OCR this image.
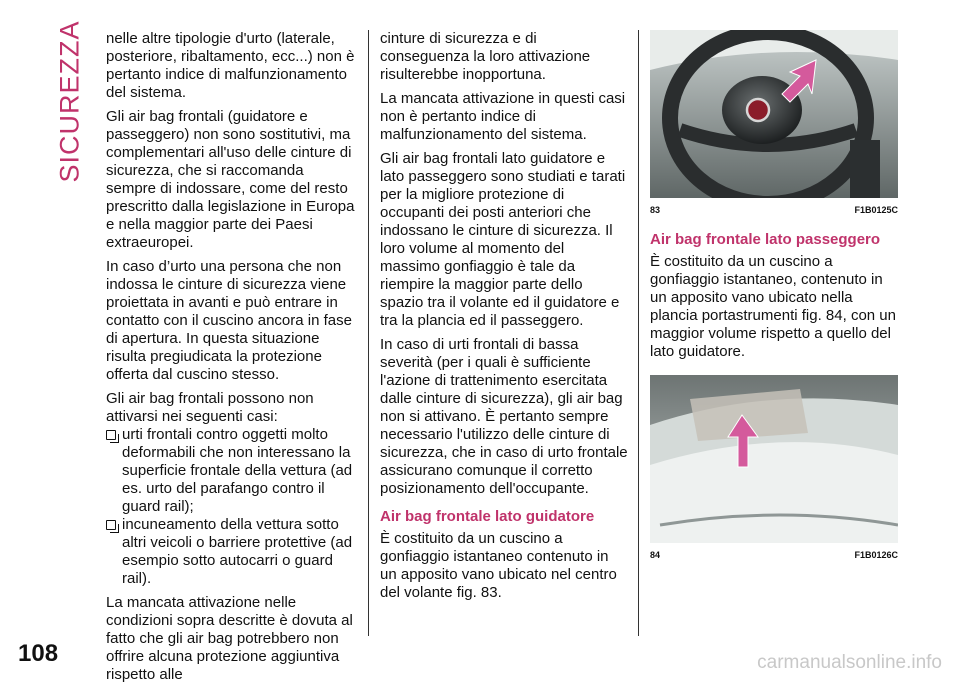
SICUREZZA
108

nelle altre tipologie d'urto (laterale, posteriore, ribaltamento, ecc...) non è pertanto indice di malfunzionamento del sistema.

Gli air bag frontali (guidatore e passeggero) non sono sostitutivi, ma complementari all'uso delle cinture di sicurezza, che si raccomanda sempre di indossare, come del resto prescritto dalla legislazione in Europa e nella maggior parte dei Paesi extraeuropei.

In caso d’urto una persona che non indossa le cinture di sicurezza viene proiettata in avanti e può entrare in contatto con il cuscino ancora in fase di apertura. In questa situazione risulta pregiudicata la protezione offerta dal cuscino stesso.

Gli air bag frontali possono non attivarsi nei seguenti casi:

urti frontali contro oggetti molto deformabili che non interessano la superficie frontale della vettura (ad es. urto del parafango contro il guard rail);
incuneamento della vettura sotto altri veicoli o barriere protettive (ad esempio sotto autocarri o guard rail).

La mancata attivazione nelle condizioni sopra descritte è dovuta al fatto che gli air bag potrebbero non offrire alcuna protezione aggiuntiva rispetto alle

cinture di sicurezza e di conseguenza la loro attivazione risulterebbe inopportuna.

La mancata attivazione in questi casi non è pertanto indice di malfunzionamento del sistema.

Gli air bag frontali lato guidatore e lato passeggero sono studiati e tarati per la migliore protezione di occupanti dei posti anteriori che indossano le cinture di sicurezza. Il loro volume al momento del massimo gonfiaggio è tale da riempire la maggior parte dello spazio tra il volante ed il guidatore e tra la plancia ed il passeggero.

In caso di urti frontali di bassa severità (per i quali è sufficiente l'azione di trattenimento esercitata dalle cinture di sicurezza), gli air bag non si attivano. È pertanto sempre necessario l'utilizzo delle cinture di sicurezza, che in caso di urto frontale assicurano comunque il corretto posizionamento dell'occupante.

Air bag frontale lato guidatore

È costituito da un cuscino a gonfiaggio istantaneo contenuto in un apposito vano ubicato nel centro del volante fig. 83.

83	F1B0125C
Air bag frontale lato passeggero

È costituito da un cuscino a gonfiaggio istantaneo, contenuto in un apposito vano ubicato nella plancia portastrumenti fig. 84, con un maggior volume rispetto a quello del lato guidatore.

84	F1B0126C
carmanualsonline.info
